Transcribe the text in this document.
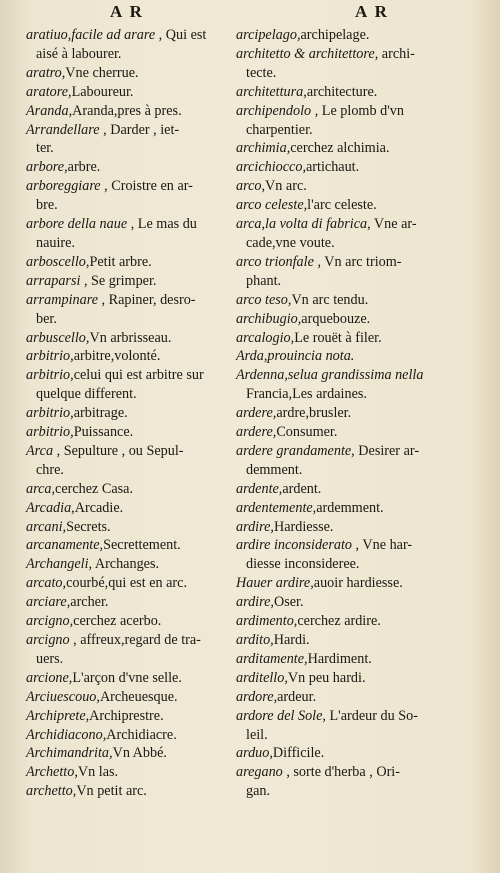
A R	A R

aratiuo,facile ad arare , Qui est
aisé à labourer.

aratro,Vne cherrue.

aratore,Laboureur.

Aranda,Aranda,pres à pres.

Arrandellare , Darder , iet-
ter.

arbore,arbre.

arboreggiare , Croistre en ar-
bre.

arbore della naue , Le mas du
nauire.

arboscello,Petit arbre.

arraparsi , Se grimper.

arrampinare , Rapiner, desro-
ber.

arbuscello,Vn arbrisseau.

arbitrio,arbitre,volonté.

arbitrio,celui qui est arbitre sur
quelque different.

arbitrio,arbitrage.

arbitrio,Puissance.

Arca , Sepulture , ou Sepul-
chre.

arca,cerchez Casa.

Arcadia,Arcadie.

arcani,Secrets.

arcanamente,Secrettement.

Archangeli, Archanges.

arcato,courbé,qui est en arc.

arciare,archer.

arcigno,cerchez acerbo.

arcigno , affreux,regard de tra-
uers.

arcione,L'arçon d'vne selle.

Arciuescouo,Archeuesque.

Archiprete,Archiprestre.

Archidiacono,Archidiacre.

Archimandrita,Vn Abbé.

Archetto,Vn las.

archetto,Vn petit arc.

arcipelago,archipelage.

architetto & architettore, archi-
tecte.

architettura,architecture.

archipendolo , Le plomb d'vn
charpentier.

archimia,cerchez alchimia.

arcichiocco,artichaut.

arco,Vn arc.

arco celeste,l'arc celeste.

arca,la volta di fabrica, Vne ar-
cade,vne voute.

arco trionfale , Vn arc triom-
phant.

arco teso,Vn arc tendu.

archibugio,arquebouze.

arcalogio,Le rouët à filer.

Arda,prouincia nota.

Ardenna,selua grandissima nella
Francia,Les ardaines.

ardere,ardre,brusler.

ardere,Consumer.

ardere grandamente, Desirer ar-
demment.

ardente,ardent.

ardentemente,ardemment.

ardire,Hardiesse.

ardire inconsiderato , Vne har-
diesse inconsideree.

Hauer ardire,auoir hardiesse.

ardire,Oser.

ardimento,cerchez ardire.

ardito,Hardi.

arditamente,Hardiment.

arditello,Vn peu hardi.

ardore,ardeur.

ardore del Sole, L'ardeur du So-
leil.

arduo,Difficile.

aregano , sorte d'herba , Ori-
gan.
